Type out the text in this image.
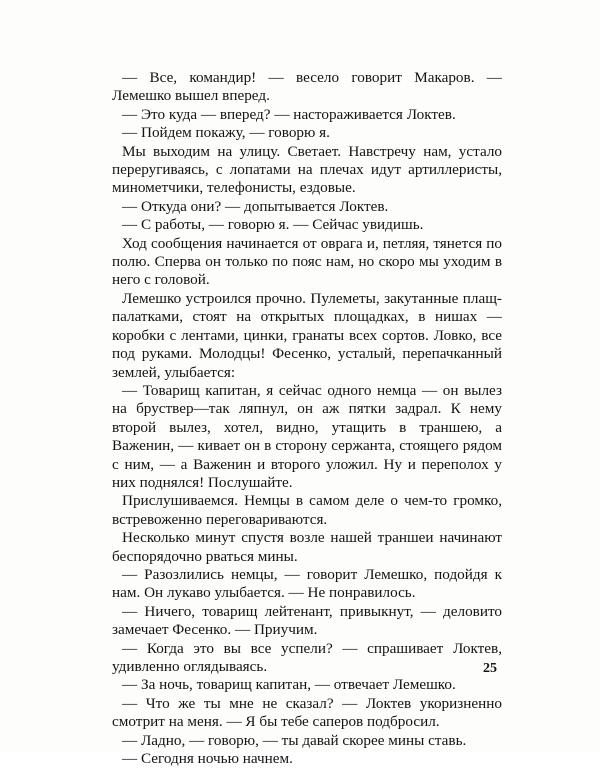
— Все, командир! — весело говорит Макаров. — Лемешко вышел вперед.

— Это куда — вперед? — настораживается Локтев.

— Пойдем покажу, — говорю я.

Мы выходим на улицу. Светает. Навстречу нам, устало переругиваясь, с лопатами на плечах идут артиллеристы, минометчики, телефонисты, ездовые.

— Откуда они? — допытывается Локтев.

— С работы, — говорю я. — Сейчас увидишь.

Ход сообщения начинается от оврага и, петляя, тянется по полю. Сперва он только по пояс нам, но скоро мы уходим в него с головой.

Лемешко устроился прочно. Пулеметы, закутанные плащ-палатками, стоят на открытых площадках, в нишах — коробки с лентами, цинки, гранаты всех сортов. Ловко, все под руками. Молодцы! Фесенко, усталый, перепачканный землей, улыбается:

— Товарищ капитан, я сейчас одного немца — он вылез на бруствер—так ляпнул, он аж пятки задрал. К нему второй вылез, хотел, видно, утащить в траншею, а Важенин, — кивает он в сторону сержанта, стоящего рядом с ним, — а Важенин и второго уложил. Ну и переполох у них поднялся! Послушайте.

Прислушиваемся. Немцы в самом деле о чем-то громко, встревоженно переговариваются.

Несколько минут спустя возле нашей траншеи начинают беспорядочно рваться мины.

— Разозлились немцы, — говорит Лемешко, подойдя к нам. Он лукаво улыбается. — Не понравилось.

— Ничего, товарищ лейтенант, привыкнут, — деловито замечает Фесенко. — Приучим.

— Когда это вы все успели? — спрашивает Локтев, удивленно оглядываясь.

— За ночь, товарищ капитан, — отвечает Лемешко.

— Что же ты мне не сказал? — Локтев укоризненно смотрит на меня. — Я бы тебе саперов подбросил.

— Ладно, — говорю, — ты давай скорее мины ставь.

— Сегодня ночью начнем.

25
